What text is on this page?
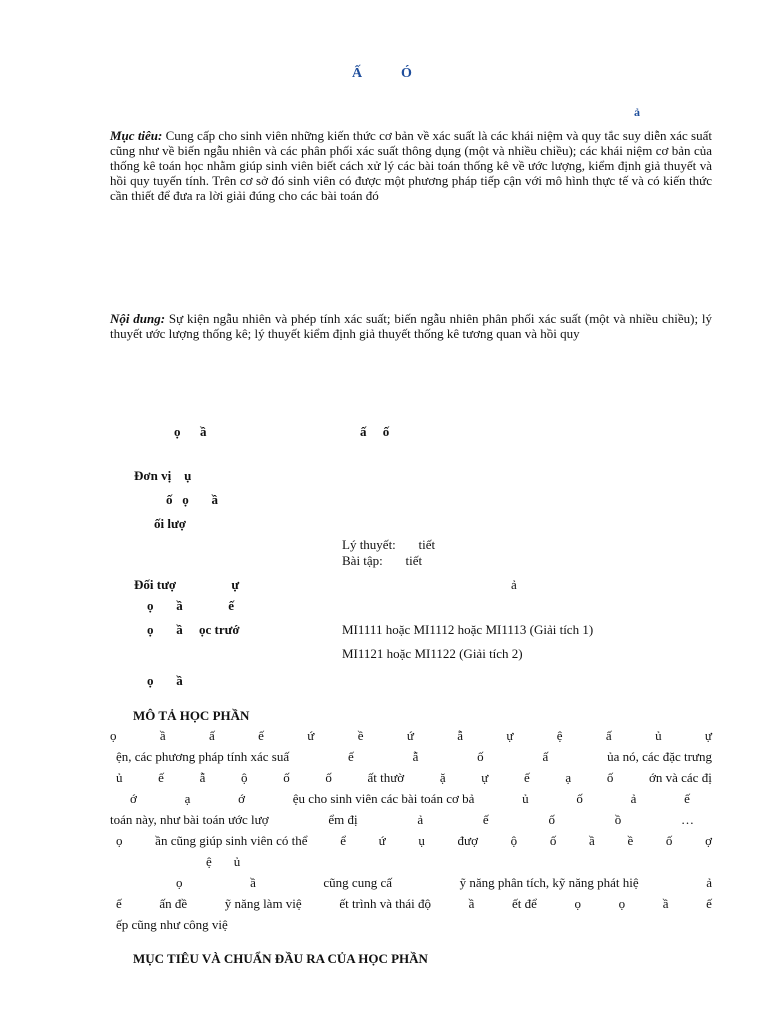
Ấ	Ó
ả
Mục tiêu: Cung cấp cho sinh viên những kiến thức cơ bản về xác suất là các khái niệm và quy tắc suy diễn xác suất cũng như về biến ngẫu nhiên và các phân phối xác suất thông dụng (một và nhiều chiều); các khái niệm cơ bản của thống kê toán học nhằm giúp sinh viên biết cách xử lý các bài toán thống kê về ước lượng, kiểm định giả thuyết và hồi quy tuyến tính. Trên cơ sở đó sinh viên có được một phương pháp tiếp cận với mô hình thực tế và có kiến thức cần thiết để đưa ra lời giải đúng cho các bài toán đó
Nội dung: Sự kiện ngẫu nhiên và phép tính xác suất; biến ngẫu nhiên phân phối xác suất (một và nhiều chiều); lý thuyết ước lượng thống kê; lý thuyết kiểm định giả thuyết thống kê tương quan và hồi quy
ọ      ầ	ấ     ố
Đơn vị    ụ
ố   ọ       ầ
ối lượ
Lý thuyết:       tiết
Bài tập:       tiết
Đối tượ                 ự	ả
ọ       ầ              ế
ọ       ầ     ọc trướ	MI1111 hoặc MI1112 hoặc MI1113 (Giải tích 1)
MI1121 hoặc MI1122 (Giải tích 2)
ọ       ầ
MÔ TẢ HỌC PHẦN
ọ	ầ	ấ	ế	ứ	ề	ứ	ẫ	ự	ệ	ấ	ủ	ự
ện, các phương pháp tính xác suấ	ế	ẫ	ố	ấ	ủa nó, các đặc trưng
ủ	ế	ẫ	ộ	ố	ố	ất thườ	ặ	ự	ế	ạ	ố	ớn và các đị
ớ	ạ	ớ	ệu cho sinh viên các bài toán cơ bả	ủ	ố	ả	ế
toán này, như bài toán ước lượ	ểm đị	ả	ế	ố	ồ	…
ọ	ần cũng giúp sinh viên có thể	ể	ứ	ụ	đượ	ộ	ố	ầ	ề	ố	ợ
ệ ủ
ọ	ầ	cũng cung cấ	ỹ năng phân tích, kỹ năng phát hiệ	ả
ế	ấn đề	ỹ năng làm việ	ết trình và thái độ	ầ	ết để	ọ	ọ	ầ	ế
ếp cũng như công việ
MỤC TIÊU VÀ CHUẨN ĐẦU RA CỦA HỌC PHẦN
